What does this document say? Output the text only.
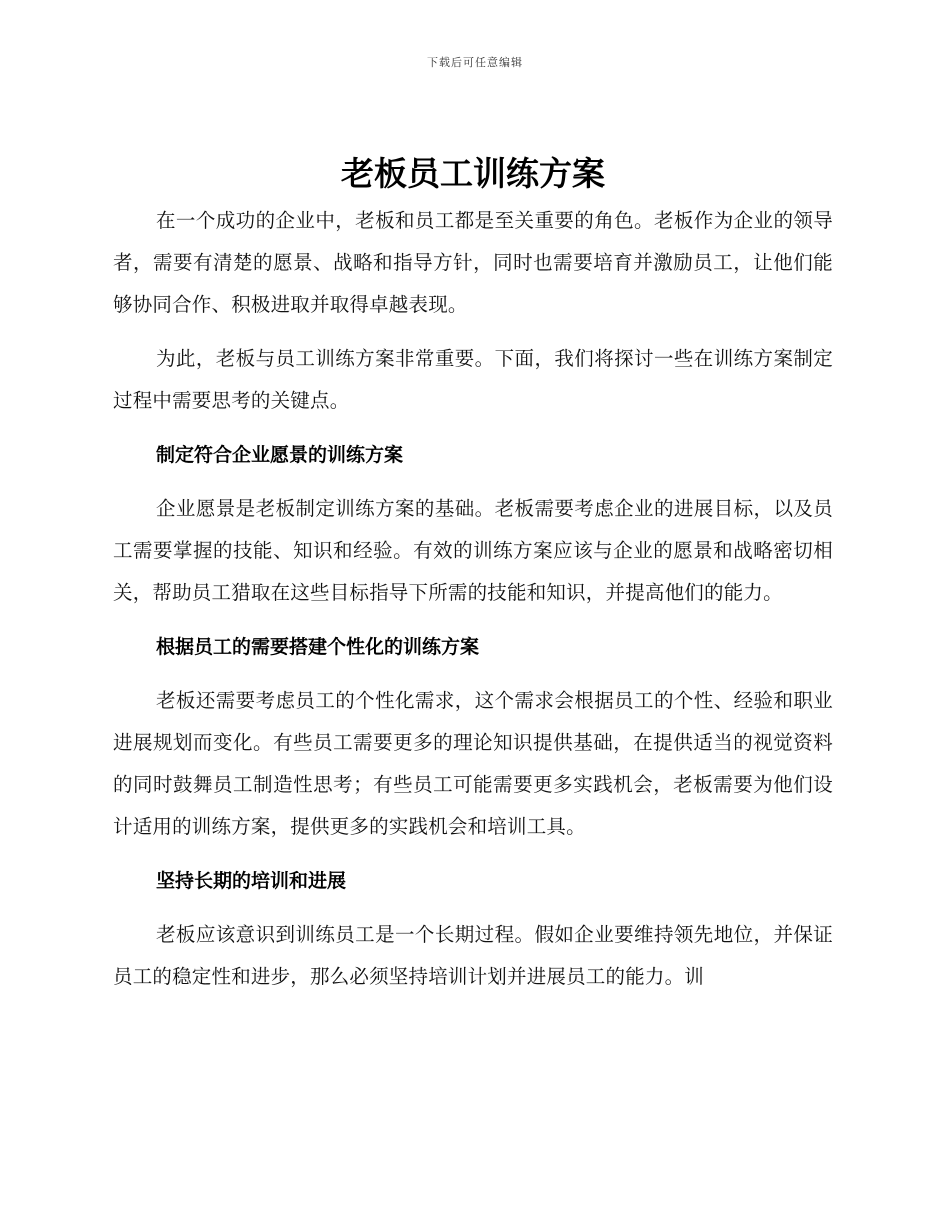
下载后可任意编辑
老板员工训练方案

在一个成功的企业中，老板和员工都是至关重要的角色。老板作为企业的领导者，需要有清楚的愿景、战略和指导方针，同时也需要培育并激励员工，让他们能够协同合作、积极进取并取得卓越表现。

为此，老板与员工训练方案非常重要。下面，我们将探讨一些在训练方案制定过程中需要思考的关键点。

制定符合企业愿景的训练方案

企业愿景是老板制定训练方案的基础。老板需要考虑企业的进展目标，以及员工需要掌握的技能、知识和经验。有效的训练方案应该与企业的愿景和战略密切相关，帮助员工猎取在这些目标指导下所需的技能和知识，并提高他们的能力。

根据员工的需要搭建个性化的训练方案

老板还需要考虑员工的个性化需求，这个需求会根据员工的个性、经验和职业进展规划而变化。有些员工需要更多的理论知识提供基础，在提供适当的视觉资料的同时鼓舞员工制造性思考；有些员工可能需要更多实践机会，老板需要为他们设计适用的训练方案，提供更多的实践机会和培训工具。

坚持长期的培训和进展

老板应该意识到训练员工是一个长期过程。假如企业要维持领先地位，并保证员工的稳定性和进步，那么必须坚持培训计划并进展员工的能力。训
